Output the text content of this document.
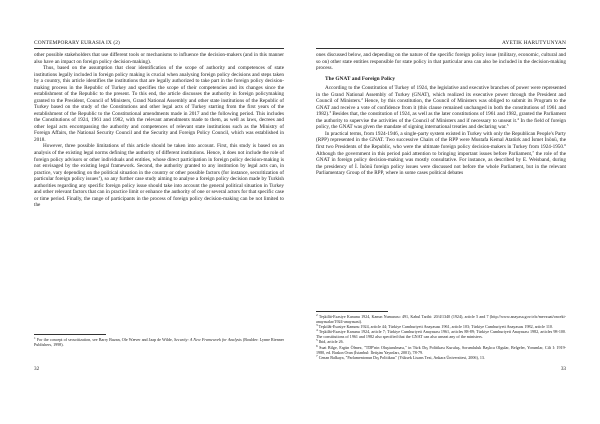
CONTEMPORARY EURASIA IX (2)

other possible stakeholders that use different tools or mechanisms to influence the decision-makers (and in this manner also have an impact on foreign policy decision-making).

Thus, based on the assumption that clear identification of the scope of authority and competences of state institutions legally included in foreign policy making is crucial when analysing foreign policy decisions and steps taken by a country, this article identifies the institutions that are legally authorized to take part in the foreign policy decision-making process in the Republic of Turkey and specifies the scope of their competencies and its changes since the establishment of the Republic to the present. To this end, the article discusses the authority in foreign policymaking granted to the President, Council of Ministers, Grand National Assembly and other state institutions of the Republic of Turkey based on the study of the Constitutions and other legal acts of Turkey starting from the first years of the establishment of the Republic to the Constitutional amendments made in 2017 and the following period. This includes the Constitutions of 1924, 1961 and 1982, with the relevant amendments made to them, as well as laws, decrees and other legal acts encompassing the authority and competences of relevant state institutions such as the Ministry of Foreign Affairs, the National Security Council and the Security and Foreign Policy Council, which was established in 2018.

However, three possible limitations of this article should be taken into account. First, this study is based on an analysis of the existing legal norms defining the authority of different institutions. Hence, it does not include the role of foreign policy advisors or other individuals and entities, whose direct participation in foreign policy decision-making is not envisaged by the existing legal framework. Second, the authority granted to any institution by legal acts can, in practice, vary depending on the political situation in the country or other possible factors (for instance, securitization of particular foreign policy issues$^1$), so any further case study aiming to analyse a foreign policy decision made by Turkish authorities regarding any specific foreign policy issue should take into account the general political situation in Turkey and other relevant factors that can in practice limit or enhance the authority of one or several actors for that specific case or time period. Finally, the range of participants in the process of foreign policy decision-making can be not limited to the

$^1$ For the concept of securitization, see Barry Buzan, Ole Wæver and Jaap de Wilde, Security: A New Framework for Analysis (Boulder: Lynne Rienner Publishers, 1998).

32
AYETIK HARUTYUNYAN

ones discussed below, and depending on the nature of the specific foreign policy issue (military, economic, cultural and so on) other state entities responsible for state policy in that particular area can also be included in the decision-making process.

The GNAT and Foreign Policy

According to the Constitution of Turkey of 1924, the legislative and executive branches of power were represented in the Grand National Assembly of Turkey (GNAT), which realized its executive power through the President and Council of Ministers.$^2$ Hence, by this constitution, the Council of Ministers was obliged to submit its Program to the GNAT and receive a vote of confidence from it (this clause remained unchanged in both the constitutions of 1961 and 1982).$^3$ Besides that, the constitution of 1924, as well as the later constitutions of 1961 and 1982, granted the Parliament the authority to supervise the activities of the Council of Ministers and if necessary to unseat it.$^4$ In the field of foreign policy, the GNAT was given the mandate of signing international treaties and declaring war.$^5$

In practical terms, from 1924-1946, a single-party system existed in Turkey with only the Republican People's Party (RPP) represented in the GNAT. Two successive Chairs of the RPP were Mustafa Kemal Atatürk and İsmet İnönü, the first two Presidents of the Republic, who were the ultimate foreign policy decision-makers in Turkey from 1924-1950.$^6$ Although the government in this period paid attention to bringing important issues before Parliament,$^7$ the role of the GNAT in foreign policy decision-making was mostly consultative. For instance, as described by E. Weisband, during the presidency of İ. İnönü foreign policy issues were discussed not before the whole Parliament, but in the relevant Parliamentary Group of the RPP, where in some cases political debates

$^2$ Teşkilât-Esasiye Kanunu 1924, Kanun Numarası: 491, Kabul Tarihi: 20/4/1340 (1924), article 5 and 7 (http://www.anayasa.gov.tr/tr/mevzuat/onceki-anayasalar/1924-anayasasi).

$^3$ Teşkilât-Esasiye Kanunu 1924, article 44; Türkiye Cumhuriyeti Anayasası 1961, article 103; Türkiye Cumhuriyeti Anayasası 1982, article 110.

$^4$ Teşkilât-Esasiye Kanunu 1924, article 7; Türkiye Cumhuriyeti Anayasası 1961, articles 88-89; Türkiye Cumhuriyeti Anayasası 1982, articles 98-100. The constitutions of 1961 and 1982 also specified that the GNAT can also unseat any of the ministers.

$^5$ Ibid, article 26.

$^6$ Suat Bilge, Ergün Ölmez, "TDP'nin Oluşturulması," in Türk Dış Politikası Kuruluş, Sorumluluk Başlıca Olgular, Belgeler, Yorumlar, Cilt I: 1919-1980, ed. Baskın Oran (İstanbul: İletişim Yayınları, 2001), 78-79.

$^7$ Cenan Balkaya, "Parlamentonun Dış Politikası" (Yüksek Lisans Tezi, Ankara Üniversitesi, 2006), 13.

33
